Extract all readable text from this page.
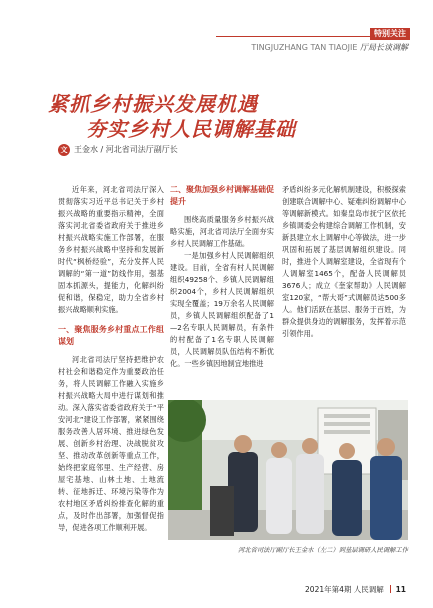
特别关注
TINGJUZHANG TAN TIAOJIE 厅局长谈调解
紧抓乡村振兴发展机遇
夯实乡村人民调解基础
文 王金水 / 河北省司法厅副厅长
近年来，河北省司法厅深入贯彻落实习近平总书记关于乡村振兴战略的重要指示精神，全面落实河北省委省政府关于推进乡村振兴战略实施工作部署，在服务乡村振兴战略中坚持和发展新时代“枫桥经验”，充分发挥人民调解的“第一道”防线作用，强基固本抓源头，提能力，化解纠纷促和谐，保稳定，助力全省乡村振兴战略顺利实施。
一、聚焦服务乡村重点工作组谋划
河北省司法厅坚持把维护农村社会和谐稳定作为重要政治任务，将人民调解工作融入实施乡村振兴战略大局中进行谋划和推动。深入落实省委省政府关于“平安河北”建设工作部署，紧紧围绕服务改善人居环境、推进绿色发展、创新乡村治理、决战脱贫攻坚、推动改革创新等重点工作，始终把家庭邻里、生产经营、房屋宅基地、山林土地、土地流转、征地拆迁、环境污染等作为农村地区矛盾纠纷排查化解的重点，及时作出部署，加强督促指导，促进各项工作顺利开展。
二、聚焦加强乡村调解基础促提升
围绕高质量服务乡村振兴战略实施，河北省司法厅全面夯实乡村人民调解工作基础。
一是加强乡村人民调解组织建设。目前，全省有村人民调解组织49258个、乡镇人民调解组织2004个，乡村人民调解组织实现全覆盖；19万余名人民调解员，乡镇人民调解组织配备了1—2名专职人民调解员，有条件的村配备了1名专职人民调解员，人民调解员队伍结构不断优化。一些乡镇因地制宜地推进
矛盾纠纷多元化解机制建设，积极探索创建联合调解中心、疑难纠纷调解中心等调解新模式。如秦皇岛市抚宁区依托乡镇调委会构建综合调解工作机制，安新县建立水上调解中心等做法，进一步巩固和拓展了基层调解组织建设。同时，推进个人调解室建设，全省现有个人调解室1465个，配备人民调解员3676人；成立《奎家帮助》人民调解室120家，“帮大哥”式调解员达500多人。他们活跃在基层、服务于百姓，为群众提供身边的调解服务，发挥着示范引领作用。
河北省司法厅副厅长王金水（左二）到基层调研人民调解工作
2021年第4期 人民调解 11
